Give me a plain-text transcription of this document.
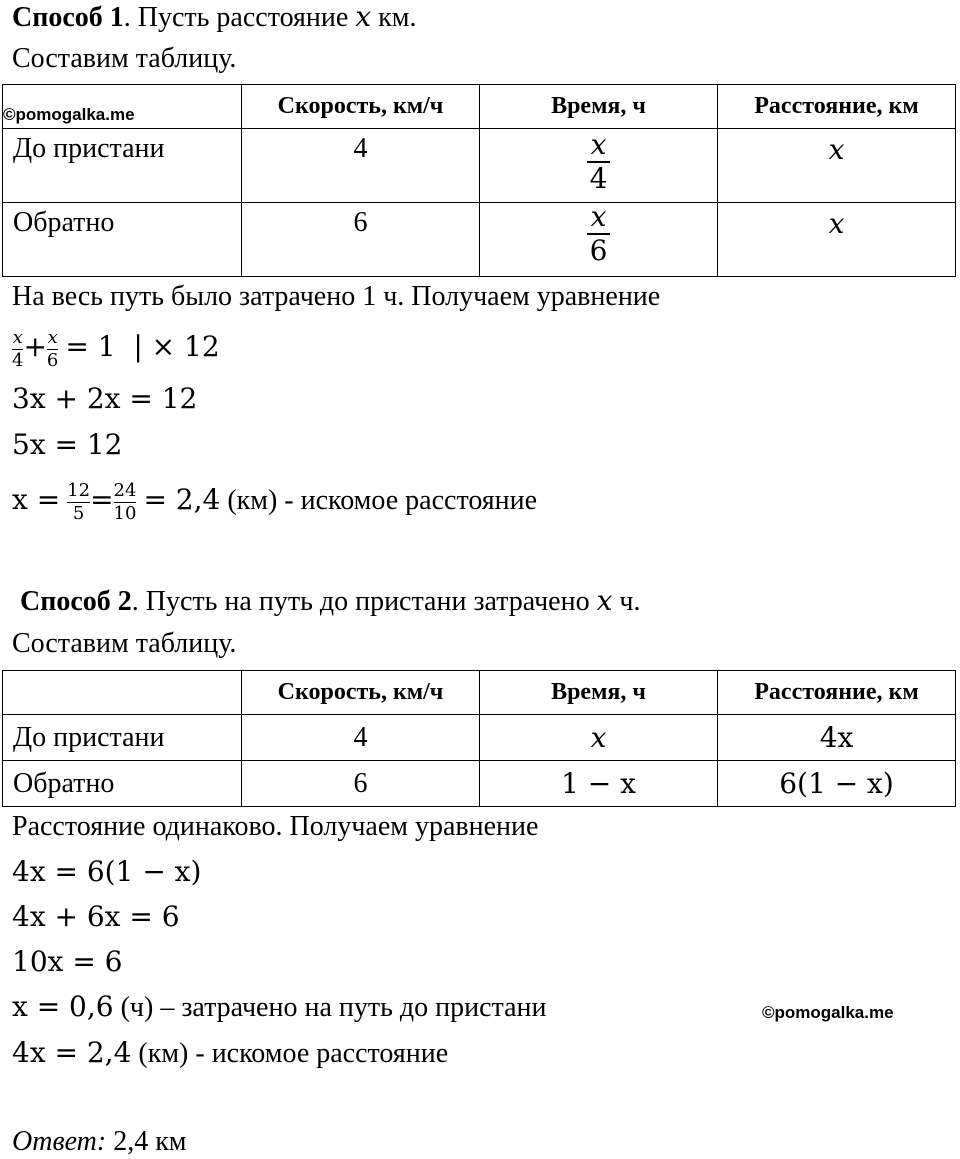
Способ 1. Пусть расстояние x км.
Составим таблицу.
©pomogalka.me	Скорость, км/ч	Время, ч	Расстояние, км
До пристани	4	$\frac{x}{4}$	x
Обратно	6	$\frac{x}{6}$	x
На весь путь было затрачено 1 ч. Получаем уравнение
$\frac{x}{4} + \frac{x}{6} = 1$  | × 12
3x + 2x = 12
5x = 12
$x = \frac{12}{5} = \frac{24}{10} = 2,4$ (км) - искомое расстояние
Способ 2. Пусть на путь до пристани затрачено x ч.
Составим таблицу.
	Скорость, км/ч	Время, ч	Расстояние, км
До пристани	4	x	4x
Обратно	6	1 − x	6(1 − x)
Расстояние одинаково. Получаем уравнение
4x = 6(1 − x)
4x + 6x = 6
10x = 6
x = 0,6 (ч) – затрачено на путь до пристани	©pomogalka.me
4x = 2,4 (км) - искомое расстояние
Ответ: 2,4 км
